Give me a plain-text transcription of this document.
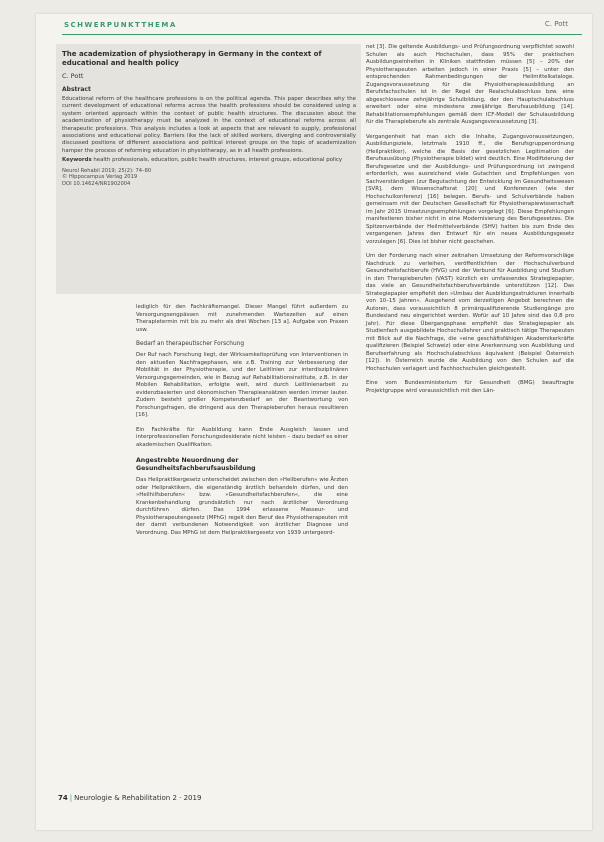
SCHWERPUNKTTHEMA	C. Pott

The academization of physiotherapy in Germany in the context of educational and health policy

C. Pott
Abstract
Educational reform of the healthcare professions is on the political agenda. This paper describes why the current development of educational reforms across the health professions should be considered using a system oriented approach within the context of public health structures. The discussion about the academization of physiotherapy must be analyzed in the context of educational reforms across all therapeutic professions. This analysis includes a look at aspects that are relevant to supply, professional associations and educational policy. Barriers like the lack of skilled workers, diverging and controversially discussed positions of different associations and political interest groups on the topic of academization hamper the process of reforming education in physiotherapy, as in all health professions.
Keywords health professionals, education, public health structures, interest groups, educational policy
Neurol Rehabil 2019; 25(2): 74–80
© Hippocampus Verlag 2019
DOI 10.14624/NR1902004

lediglich für den Fachkräftemangel. Dieser Mangel führt außerdem zu Versorgungsengpässen mit zunehmenden Wartezeiten auf einen Therapietermin mit bis zu mehr als drei Wochen [13 a]. Aufgabe von Praxen usw.

Bedarf an therapeutischer Forschung

Der Ruf nach Forschung liegt, der Wirksamkeitsprüfung von Interventionen in den aktuellen Nachfragephasen, wie z.B. Training zur Verbesserung der Mobilität in der Physiotherapie, und der Leitlinien zur interdisziplinären Versorgungsgemeinden, wie in Bezug auf Rehabilitationsinstitute, z.B. in der Mobilen Rehabilitation, erfolgte weit, wird durch Leitlinienarbeit zu evidenzbasierten und ökonomischen Therapieansätzen werden immer lauter. Zudem besteht großer Kompetenzbedarf an der Beantwortung von Forschungsfragen, die dringend aus den Therapieberufen heraus resultieren [16].

Ein Fachkräfte für Ausbildung kann Ende Ausgleich lassen und interprofessionellen Forschungsdesiderate nicht leisten – dazu bedarf es einer akademischen Qualifikation.

Angestrebte Neuordnung der Gesundheitsfachberufsausbildung

Das Heilpraktikergesetz unterscheidet zwischen den »Heilberufen« wie Ärzten oder Heilpraktikern, die eigenständig ärztlich behandeln dürfen, und den »Heilhilfsberufen« bzw. »Gesundheitsfachberufen«, die eine Krankenbehandlung grundsätzlich nur nach ärztlicher Verordnung durchführen dürfen. Das 1994 erlassene Masseur- und Physiotherapeutengesetz (MPhG) regelt den Beruf des Physiotherapeuten mit der damit verbundenen Notwendigkeit von ärztlicher Diagnose und Verordnung. Das MPhG ist dem Heilpraktikergesetz von 1939 untergeord-

net [3]. Die geltende Ausbildungs- und Prüfungsordnung verpflichtet sowohl Schulen als auch Hochschulen, dass 95% der praktischen Ausbildungseinheiten in Kliniken stattfinden müssen [5] – 20% der Physiotherapeuten arbeiten jedoch in einer Praxis [5] – unter den entsprechenden Rahmenbedingungen der Heilmittelkataloge. Zugangsvoraussetzung für die Physiotherapieausbildung an Berufsfachschulen ist in der Regel der Realschulabschluss bzw. eine abgeschlossene zehnjährige Schulbildung, der den Hauptschulabschluss erweitert oder eine mindestens zweijährige Berufsausbildung [14]. Rehabilitationsempfehlungen gemäß dem ICF-Modell der Schulausbildung für die Therapieberufe als zentrale Ausgangsvoraussetzung [3].

Vergangenheit hat man sich die Inhalte, Zugangsvoraussetzungen, Ausbildungsziele, letztmals 1910 ff., die Berufsgruppenordnung (Heilpraktiker), welche die Basis der gesetzlichen Legitimation der Berufsausübung (Physiotherapie bildet) wird deutlich. Eine Modifizierung der Berufsgesetze und der Ausbildungs- und Prüfungsordnung ist zwingend erforderlich, was ausreichend viele Gutachten und Empfehlungen von Sachverständigen (zur Begutachtung der Entwicklung im Gesundheitswesen [SVR], dem Wissenschaftsrat [20] und Konferenzen (wie der Hochschulkonferenz) [16] belegen. Berufs- und Schulverbände haben gemeinsam mit der Deutschen Gesellschaft für Physiotherapiewissenschaft im Jahr 2015 Umsetzungsempfehlungen vorgelegt [6]. Diese Empfehlungen manifestieren bisher nicht in eine Modernisierung des Berufsgesetzes. Die Spitzenverbände der Heilmittelverbände (SHV) hatten bis zum Ende des vergangenen Jahres den Entwurf für ein neues Ausbildungsgesetz vorzulegen [6]. Dies ist bisher nicht geschehen.

Um der Forderung nach einer zeitnahen Umsetzung der Reformvorschläge Nachdruck zu verleihen, veröffentlichten der Hochschulverbund Gesundheitsfachberufe (HVG) und der Verbund für Ausbildung und Studium in den Therapieberufen (VAST) kürzlich ein umfassendes Strategiepapier, das viele an Gesundheitsfachberufsverbände unterstützen [12]. Das Strategiepapier empfiehlt den »Umbau der Ausbildungsstrukturen innerhalb von 10–15 Jahren«. Ausgehend vom derzeitigen Angebot berechnen die Autoren, dass voraussichtlich 8 primärqualifizierende Studiengänge pro Bundesland neu eingerichtet werden. Wofür auf 10 Jahre sind das 0,8 pro Jahr). Für diese Übergangsphase empfiehlt das Strategiepapier als Studienfach ausgebildete Hochschullehrer und praktisch tätige Therapeuten mit Blick auf die Nachfrage, die »eine geschäftsfähigen Akademikerkräfte qualifizieren (Beispiel Schweiz) oder eine Anerkennung von Ausbildung und Berufserfahrung als Hochschulabschluss äquivalent (Beispiel Österreich [12]). In Österreich wurde die Ausbildung von den Schulen auf die Hochschulen verlagert und Fachhochschulen gleichgestellt.

Eine vom Bundesministerium für Gesundheit (BMG) beauftragte Projektgruppe wird voraussichtlich mit den Län-

74 | Neurologie & Rehabilitation 2 · 2019
